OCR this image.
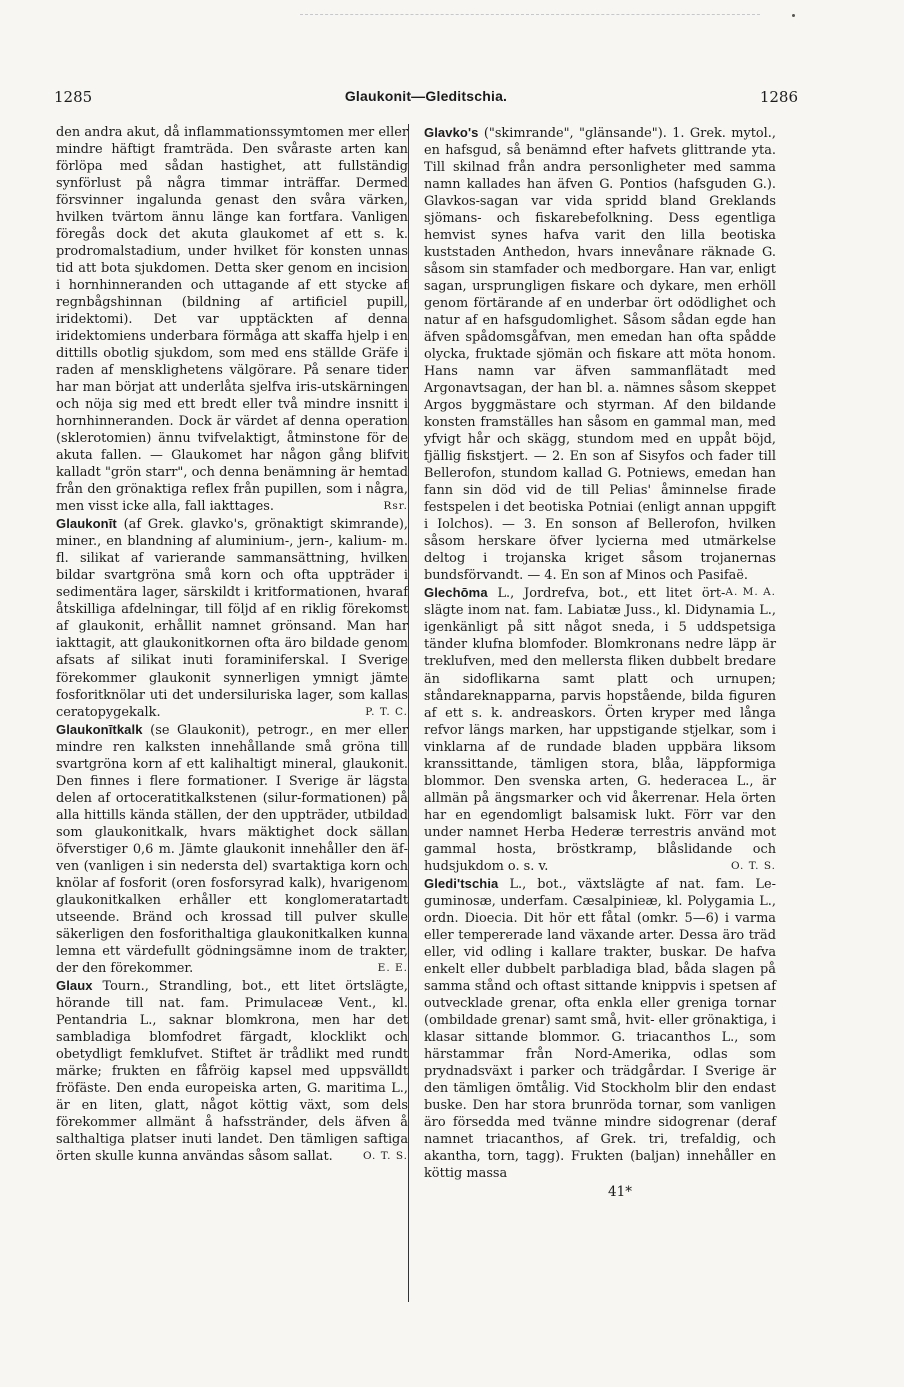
1285	Glaukonit—Gleditschia.	1286

den andra akut, då inflammationssymtomen mer eller mindre häftigt framträda. Den svåraste arten kan förlöpa med sådan hastighet, att fullständig synförlust på några timmar inträffar. Dermed försvinner ingalunda genast den svåra värken, hvilken tvärtom ännu länge kan fortfara. Vanligen föregås dock det akuta glaukomet af ett s. k. prodromalstadium, under hvilket för konsten unnas tid att bota sjukdomen. Detta sker genom en incision i hornhinneranden och uttagande af ett stycke af regnbågshinnan (bildning af artificiel pupill, iridektomi). Det var upptäckten af denna iridektomiens underbara förmåga att skaffa hjelp i en dittills obotlig sjukdom, som med ens ställde Gräfe i raden af mensklighetens välgörare. På senare tider har man börjat att underlåta sjelfva iris-utskärningen och nöja sig med ett bredt eller två mindre insnitt i hornhinneranden. Dock är värdet af denna operation (sklerotomien) ännu tvifvelaktigt, åtminstone för de akuta fallen. — Glaukomet har någon gång blifvit kalladt "grön starr", och denna benämning är hemtad från den grönaktiga reflex från pupillen, som i några, men visst icke alla, fall iakttages.	Rsr.

Glaukonīt (af Grek. glavko's, grönaktigt skimrande), miner., en blandning af aluminium-, jern-, kalium- m. fl. silikat af varierande sammansättning, hvilken bildar svartgröna små korn och ofta uppträder i sedimentära lager, särskildt i kritformationen, hvaraf åtskilliga afdelningar, till följd af en riklig förekomst af glaukonit, erhållit namnet grönsand. Man har iakttagit, att glaukonitkornen ofta äro bildade genom afsats af silikat inuti foraminiferskal. I Sverige förekommer glaukonit synnerligen ymnigt jämte fosforitknölar uti det undersiluriska lager, som kallas ceratopygekalk.	P. T. C.

Glaukonītkalk (se Glaukonit), petrogr., en mer eller mindre ren kalksten innehållande små gröna till svartgröna korn af ett kalihaltigt mineral, glaukonit. Den finnes i flere formationer. I Sverige är lägsta delen af ortoceratitkalkstenen (silur-formationen) på alla hittills kända ställen, der den uppträder, utbildad som glaukonitkalk, hvars mäktighet dock sällan öfverstiger 0,6 m. Jämte glaukonit innehåller den äfven (vanligen i sin nedersta del) svartaktiga korn och knölar af fosforit (oren fosforsyrad kalk), hvarigenom glaukonitkalken erhåller ett konglomeratartadt utseende. Bränd och krossad till pulver skulle säkerligen den fosforithaltiga glaukonitkalken kunna lemna ett värdefullt gödningsämne inom de trakter, der den förekommer.	E. E.

Glaux Tourn., Strandling, bot., ett litet örtslägte, hörande till nat. fam. Primulaceæ Vent., kl. Pentandria L., saknar blomkrona, men har det sambladiga blomfodret färgadt, klocklikt och obetydligt femklufvet. Stiftet är trådlikt med rundt märke; frukten en fåfröig kapsel med uppsvälldt fröfäste. Den enda europeiska arten, G. maritima L., är en liten, glatt, något köttig växt, som dels förekommer allmänt å hafsstränder, dels äfven å salthaltiga platser inuti landet. Den tämligen saftiga örten skulle kunna användas såsom sallat.	O. T. S.

Glavko's ("skimrande", "glänsande"). 1. Grek. mytol., en hafsgud, så benämnd efter hafvets glittrande yta. Till skilnad från andra personligheter med samma namn kallades han äfven G. Pontios (hafsguden G.). Glavkos-sagan var vida spridd bland Greklands sjömans- och fiskarebefolkning. Dess egentliga hemvist synes hafva varit den lilla beotiska kuststaden Anthedon, hvars innevånare räknade G. såsom sin stamfader och medborgare. Han var, enligt sagan, ursprungligen fiskare och dykare, men erhöll genom förtärande af en underbar ört odödlighet och natur af en hafsgudomlighet. Såsom sådan egde han äfven spådomsgåfvan, men emedan han ofta spådde olycka, fruktade sjömän och fiskare att möta honom. Hans namn var äfven sammanflätadt med Argonavtsagan, der han bl. a. nämnes såsom skeppet Argos byggmästare och styrman. Af den bildande konsten framställes han såsom en gammal man, med yfvigt hår och skägg, stundom med en uppåt böjd, fjällig fiskstjert. — 2. En son af Sisyfos och fader till Bellerofon, stundom kallad G. Potniews, emedan han fann sin död vid de till Pelias' åminnelse firade festspelen i det beotiska Potniai (enligt annan uppgift i Iolchos). — 3. En sonson af Bellerofon, hvilken såsom herskare öfver lycierna med utmärkelse deltog i trojanska kriget såsom trojanernas bundsförvandt. — 4. En son af Minos och Pasifaë.
A. M. A.

Glechōma L., Jordrefva, bot., ett litet örtslägte inom nat. fam. Labiatæ Juss., kl. Didynamia L., igenkänligt på sitt något sneda, i 5 uddspetsiga tänder klufna blomfoder. Blomkronans nedre läpp är treklufven, med den mellersta fliken dubbelt bredare än sidoflikarna samt platt och urnupen; ståndareknapparna, parvis hopstående, bilda figuren af ett s. k. andreaskors. Örten kryper med långa refvor längs marken, har uppstigande stjelkar, som i vinklarna af de rundade bladen uppbära liksom kranssittande, tämligen stora, blåa, läppformiga blommor. Den svenska arten, G. hederacea L., är allmän på ängsmarker och vid åkerrenar. Hela örten har en egendomligt balsamisk lukt. Förr var den under namnet Herba Hederæ terrestris använd mot gammal hosta, bröstkramp, blåslidande och hudsjukdom o. s. v.	O. T. S.

Gledi'tschia L., bot., växtslägte af nat. fam. Leguminosæ, underfam. Cæsalpinieæ, kl. Polygamia L., ordn. Dioecia. Dit hör ett fåtal (omkr. 5—6) i varma eller tempererade land växande arter. Dessa äro träd eller, vid odling i kallare trakter, buskar. De hafva enkelt eller dubbelt parbladiga blad, båda slagen på samma stånd och oftast sittande knippvis i spetsen af outvecklade grenar, ofta enkla eller greniga tornar (ombildade grenar) samt små, hvit- eller grönaktiga, i klasar sittande blommor. G. triacanthos L., som härstammar från Nord-Amerika, odlas som prydnadsväxt i parker och trädgårdar. I Sverige är den tämligen ömtålig. Vid Stockholm blir den endast buske. Den har stora brunröda tornar, som vanligen äro försedda med tvänne mindre sidogrenar (deraf namnet triacanthos, af Grek. tri, trefaldig, och akantha, torn, tagg). Frukten (baljan) innehåller en köttig massa

41*
